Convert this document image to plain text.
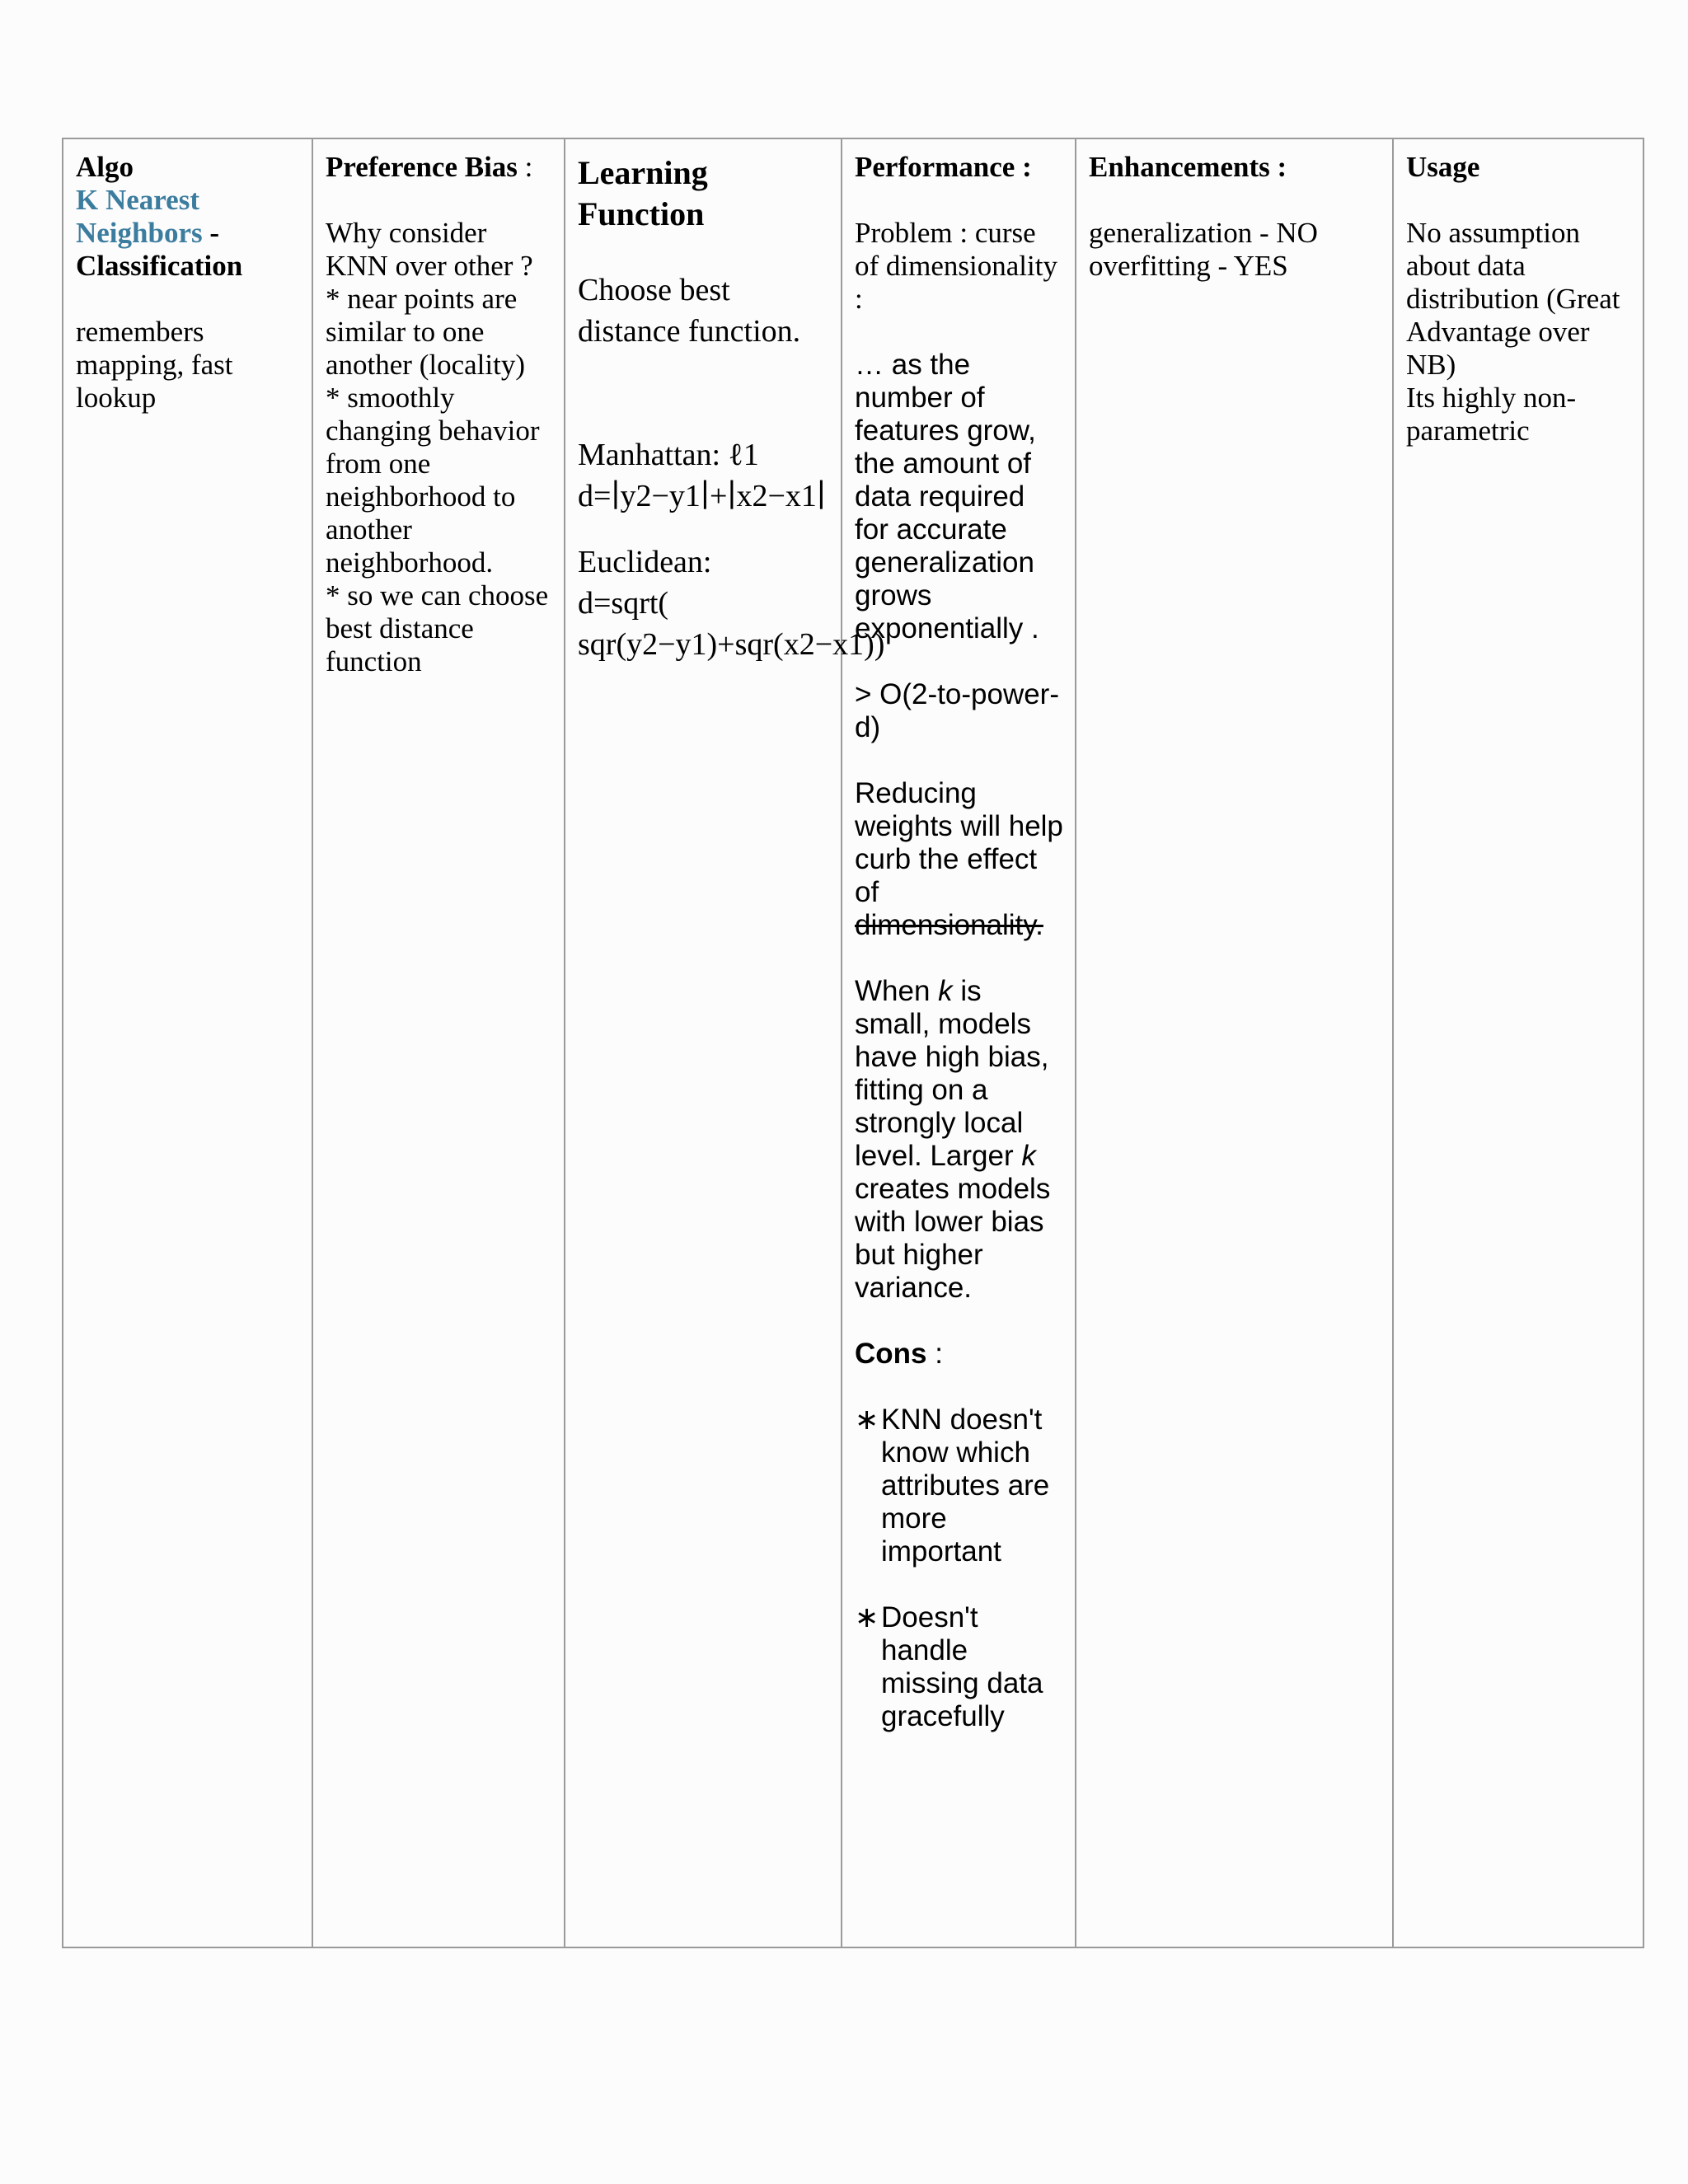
Algo
K Nearest
Neighbors -
Classification
remembers mapping, fast lookup

Preference Bias :
Why consider KNN over other ?
* near points are similar to one another (locality)
* smoothly changing behavior from one neighborhood to another neighborhood.
* so we can choose best distance function

Learning Function
Choose best distance function.
Manhattan: ℓ1
d=∣y2−y1∣+∣x2−x1∣
Euclidean:
d=sqrt( sqr(y2−y1)+sqr(x2−x1))

Performance :
Problem : curse of dimensionality :
… as the number of features grow, the amount of data required for accurate generalization grows exponentially .
> O(2-to-power-d)
Reducing weights will help curb the effect of dimensionality.
When k is small, models have high bias, fitting on a strongly local level. Larger k creates models with lower bias but higher variance.
Cons :
∗ KNN doesn't know which attributes are more important
∗ Doesn't handle missing data gracefully

Enhancements :
generalization - NO
overfitting - YES

Usage
No assumption about data distribution (Great Advantage over NB)
Its highly non-parametric
